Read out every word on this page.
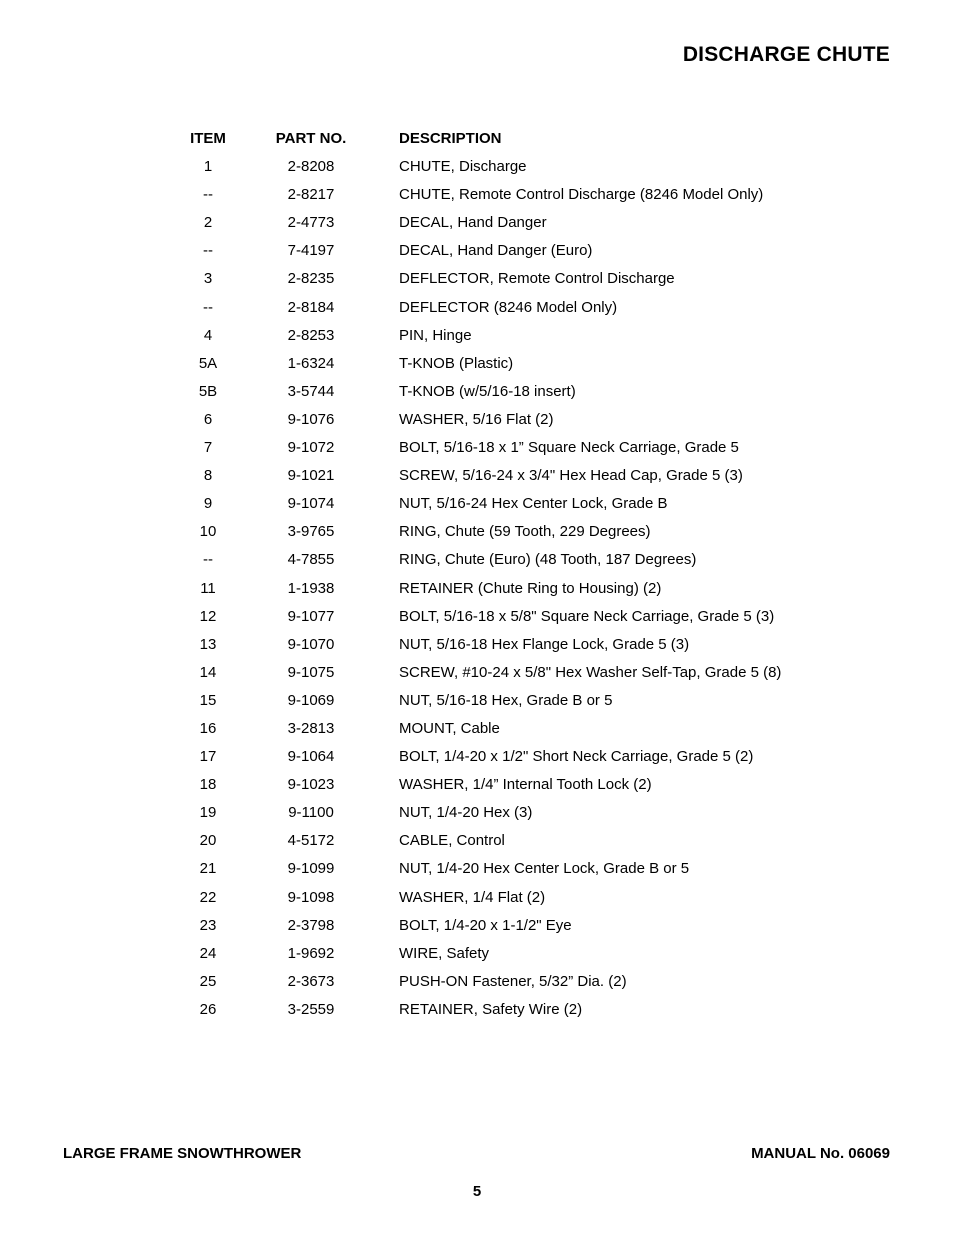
DISCHARGE CHUTE
ITEM	PART NO.	DESCRIPTION
1	2-8208	CHUTE, Discharge
--	2-8217	CHUTE, Remote Control Discharge (8246 Model Only)
2	2-4773	DECAL, Hand Danger
--	7-4197	DECAL, Hand Danger (Euro)
3	2-8235	DEFLECTOR, Remote Control Discharge
--	2-8184	DEFLECTOR (8246 Model Only)
4	2-8253	PIN, Hinge
5A	1-6324	T-KNOB (Plastic)
5B	3-5744	T-KNOB (w/5/16-18 insert)
6	9-1076	WASHER, 5/16 Flat (2)
7	9-1072	BOLT, 5/16-18 x 1” Square Neck Carriage, Grade 5
8	9-1021	SCREW, 5/16-24 x 3/4" Hex Head Cap, Grade 5 (3)
9	9-1074	NUT, 5/16-24 Hex Center Lock, Grade B
10	3-9765	RING, Chute (59 Tooth, 229 Degrees)
--	4-7855	RING, Chute (Euro) (48 Tooth, 187 Degrees)
11	1-1938	RETAINER (Chute Ring to Housing) (2)
12	9-1077	BOLT, 5/16-18 x 5/8" Square Neck Carriage, Grade 5 (3)
13	9-1070	NUT, 5/16-18 Hex Flange Lock, Grade 5 (3)
14	9-1075	SCREW, #10-24 x 5/8" Hex Washer Self-Tap, Grade 5 (8)
15	9-1069	NUT, 5/16-18 Hex, Grade B or 5
16	3-2813	MOUNT, Cable
17	9-1064	BOLT, 1/4-20 x 1/2" Short Neck Carriage, Grade 5 (2)
18	9-1023	WASHER, 1/4” Internal Tooth Lock (2)
19	9-1100	NUT, 1/4-20 Hex (3)
20	4-5172	CABLE, Control
21	9-1099	NUT, 1/4-20 Hex Center Lock, Grade B or 5
22	9-1098	WASHER, 1/4 Flat (2)
23	2-3798	BOLT, 1/4-20 x 1-1/2" Eye
24	1-9692	WIRE, Safety
25	2-3673	PUSH-ON Fastener, 5/32” Dia. (2)
26	3-2559	RETAINER, Safety Wire (2)
LARGE FRAME SNOWTHROWER	MANUAL No. 06069
5
